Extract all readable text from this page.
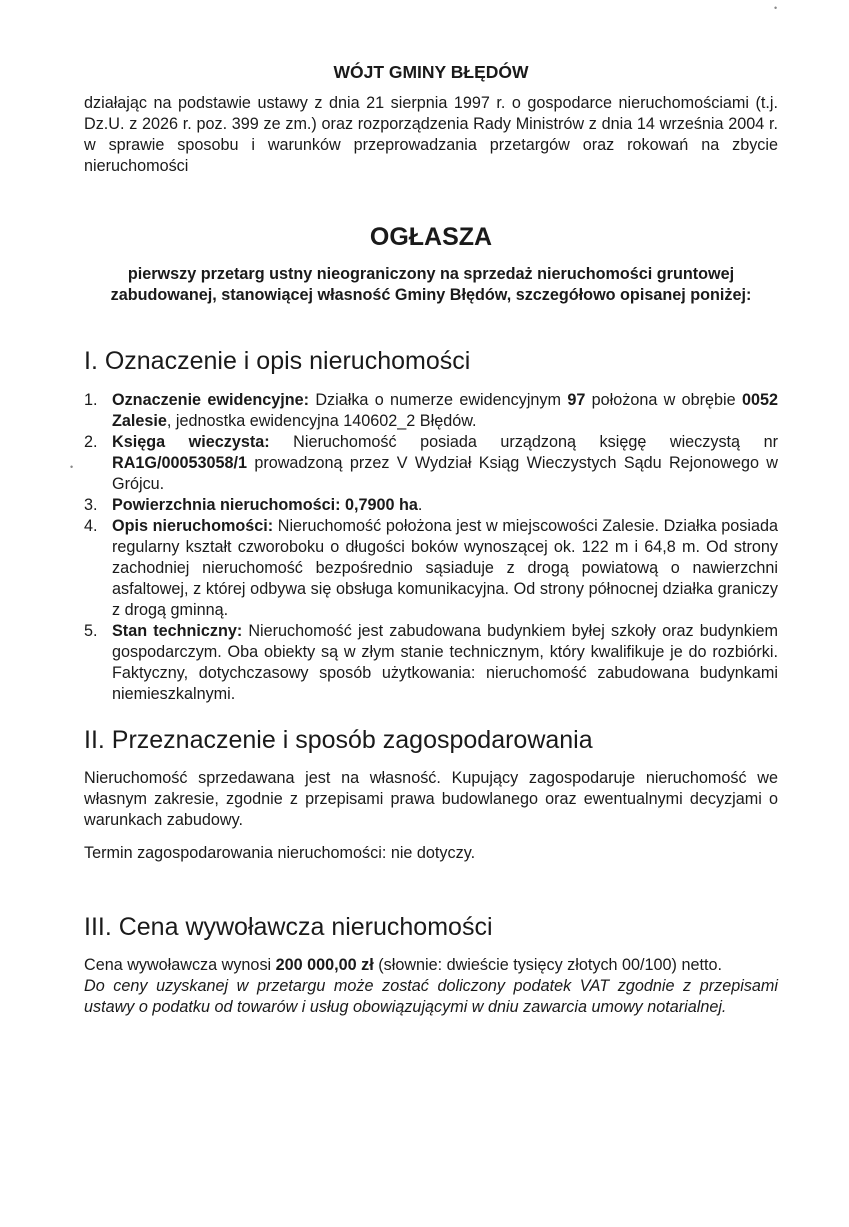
•
•

WÓJT GMINY BŁĘDÓW

działając na podstawie ustawy z dnia 21 sierpnia 1997 r. o gospodarce nieruchomościami (t.j. Dz.U. z 2026 r. poz. 399 ze zm.) oraz rozporządzenia Rady Ministrów z dnia 14 września 2004 r. w sprawie sposobu i warunków przeprowadzania przetargów oraz rokowań na zbycie nieruchomości

OGŁASZA

pierwszy przetarg ustny nieograniczony na sprzedaż nieruchomości gruntowej zabudowanej, stanowiącej własność Gminy Błędów, szczegółowo opisanej poniżej:

I. Oznaczenie i opis nieruchomości
1. Oznaczenie ewidencyjne: Działka o numerze ewidencyjnym 97 położona w obrębie 0052 Zalesie, jednostka ewidencyjna 140602_2 Błędów.
2. Księga wieczysta: Nieruchomość posiada urządzoną księgę wieczystą nr RA1G/00053058/1 prowadzoną przez V Wydział Ksiąg Wieczystych Sądu Rejonowego w Grójcu.
3. Powierzchnia nieruchomości: 0,7900 ha.
4. Opis nieruchomości: Nieruchomość położona jest w miejscowości Zalesie. Działka posiada regularny kształt czworoboku o długości boków wynoszącej ok. 122 m i 64,8 m. Od strony zachodniej nieruchomość bezpośrednio sąsiaduje z drogą powiatową o nawierzchni asfaltowej, z której odbywa się obsługa komunikacyjna. Od strony północnej działka graniczy z drogą gminną.
5. Stan techniczny: Nieruchomość jest zabudowana budynkiem byłej szkoły oraz budynkiem gospodarczym. Oba obiekty są w złym stanie technicznym, który kwalifikuje je do rozbiórki. Faktyczny, dotychczasowy sposób użytkowania: nieruchomość zabudowana budynkami niemieszkalnymi.
II. Przeznaczenie i sposób zagospodarowania

Nieruchomość sprzedawana jest na własność. Kupujący zagospodaruje nieruchomość we własnym zakresie, zgodnie z przepisami prawa budowlanego oraz ewentualnymi decyzjami o warunkach zabudowy.

Termin zagospodarowania nieruchomości: nie dotyczy.

III. Cena wywoławcza nieruchomości

Cena wywoławcza wynosi 200 000,00 zł (słownie: dwieście tysięcy złotych 00/100) netto.

Do ceny uzyskanej w przetargu może zostać doliczony podatek VAT zgodnie z przepisami ustawy o podatku od towarów i usług obowiązującymi w dniu zawarcia umowy notarialnej.
